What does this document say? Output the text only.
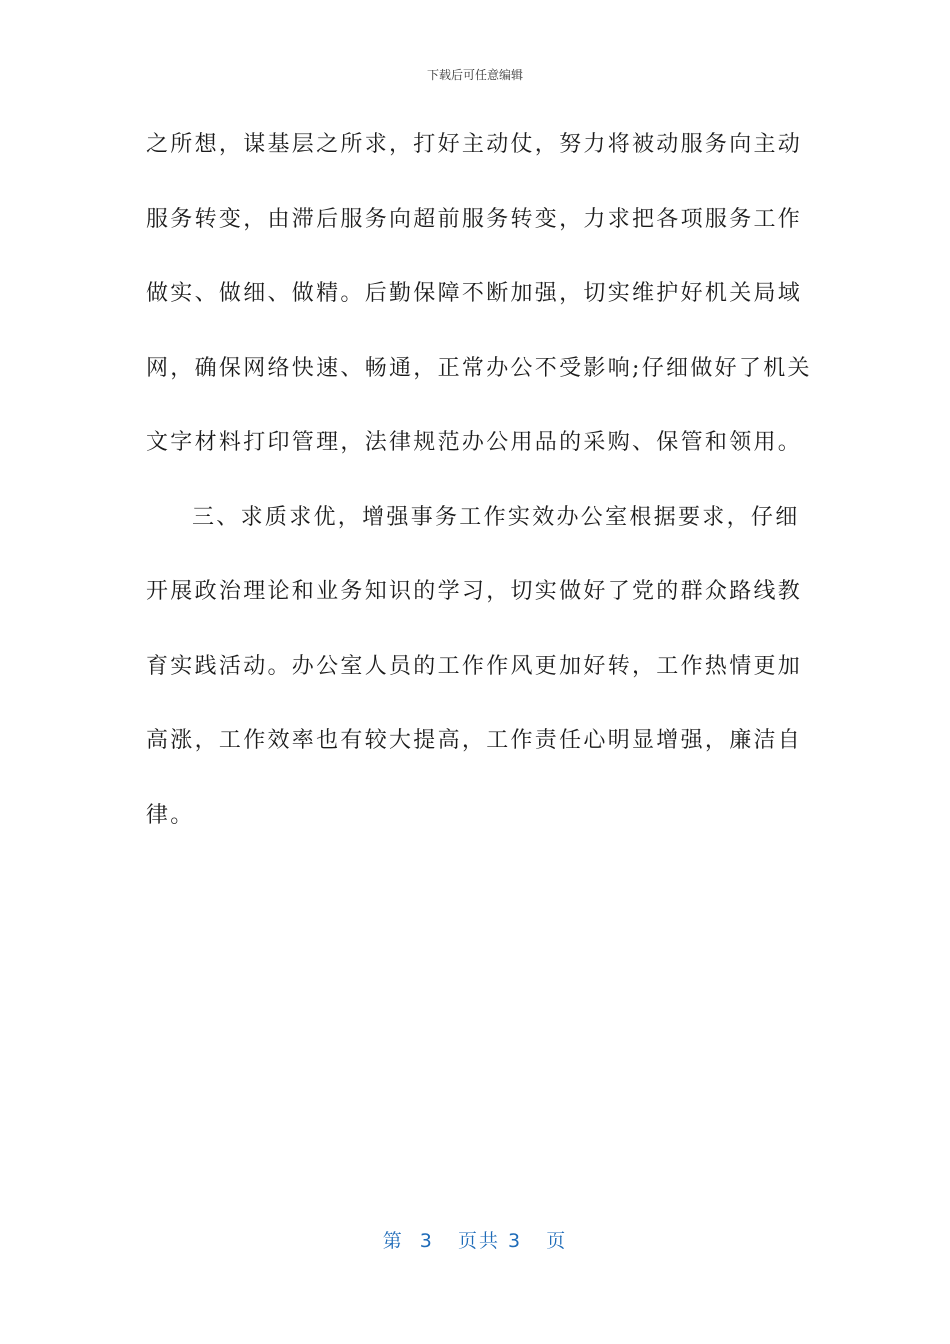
下载后可任意编辑
之所想，谋基层之所求，打好主动仗，努力将被动服务向主动
服务转变，由滞后服务向超前服务转变，力求把各项服务工作
做实、做细、做精。后勤保障不断加强，切实维护好机关局域
网，确保网络快速、畅通，正常办公不受影响;仔细做好了机关
文字材料打印管理，法律规范办公用品的采购、保管和领用。
三、求质求优，增强事务工作实效办公室根据要求，仔细
开展政治理论和业务知识的学习，切实做好了党的群众路线教
育实践活动。办公室人员的工作作风更加好转，工作热情更加
高涨，工作效率也有较大提高，工作责任心明显增强，廉洁自
律。
第  3   页共 3   页
